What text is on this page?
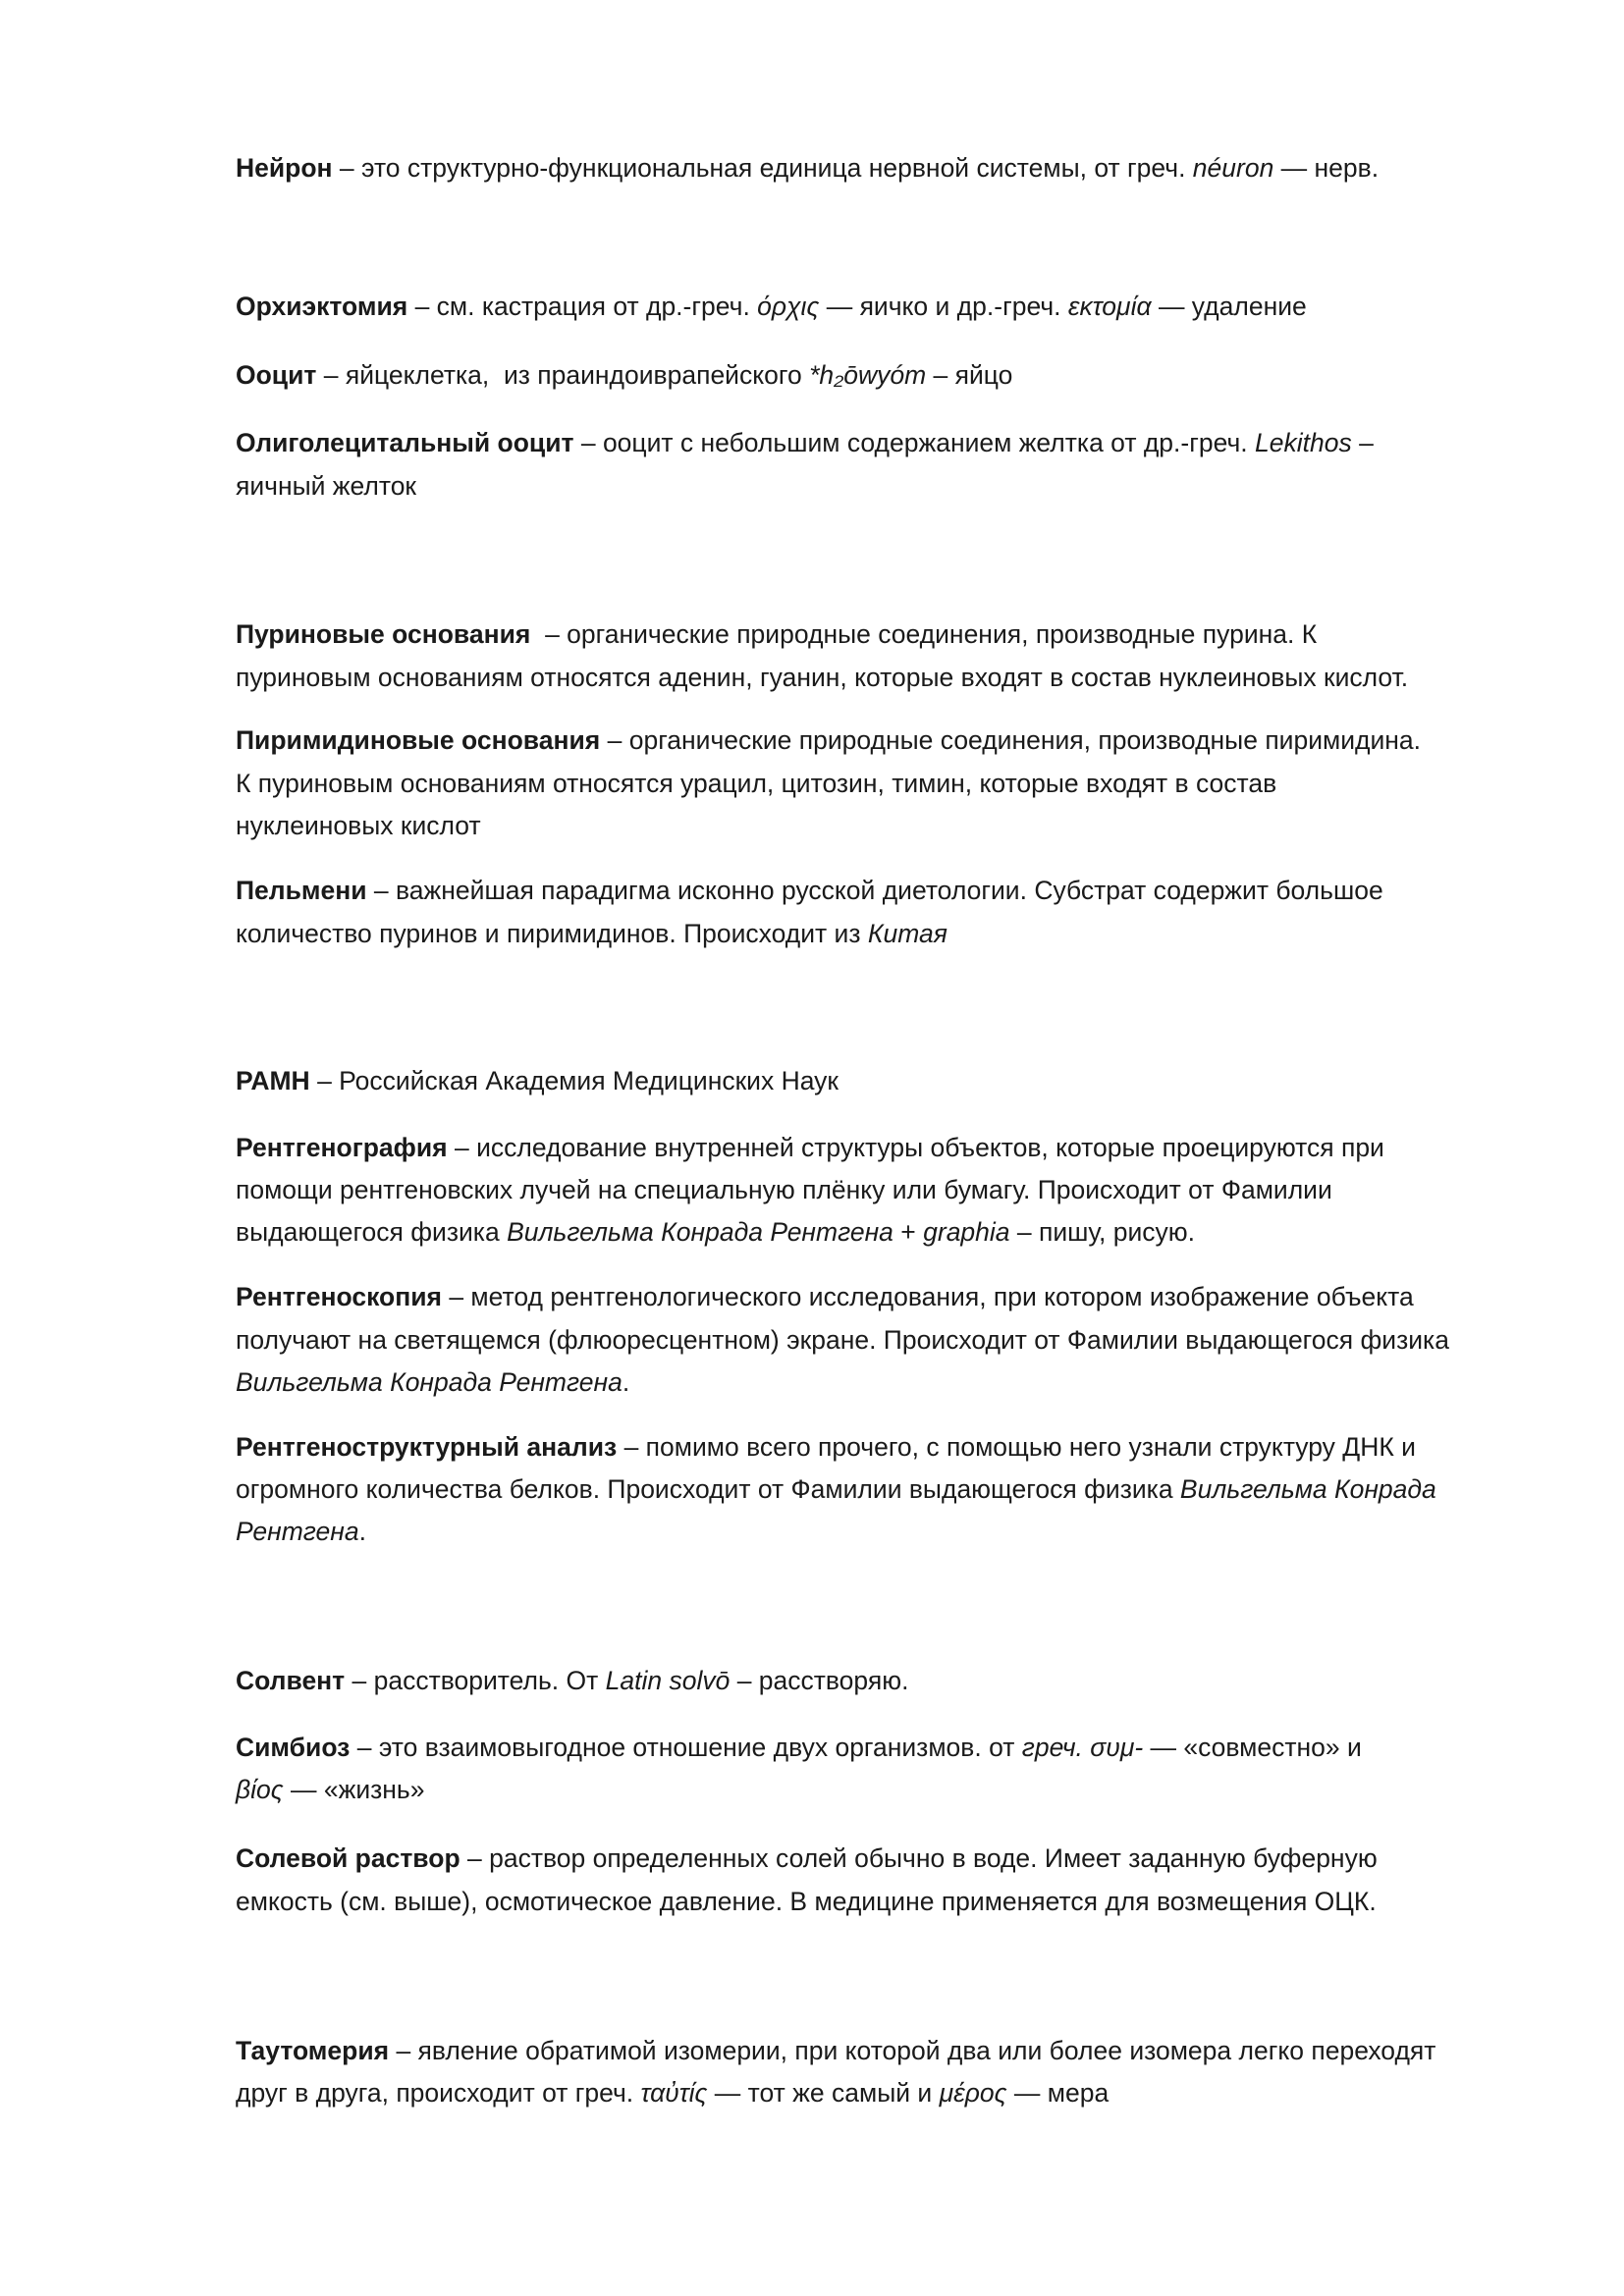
Нейрон – это структурно-функциональная единица нервной системы, от греч. néuron — нерв.
Орхиэктомия – см. кастрация от др.-греч. όρχις — яичко и др.-греч. εκτομία — удаление
Ооцит – яйцеклетка,  из праиндоиврапейского *h₂ōwyóm – яйцо
Олиголецитальный ооцит – ооцит с небольшим содержанием желтка от др.-греч. Lekithos –
яичный желток
Пуриновые основания  – органические природные соединения, производные пурина. К
пуриновым основаниям относятся аденин, гуанин, которые входят в состав нуклеиновых кислот.
Пиримидиновые основания – органические природные соединения, производные пиримидина.
К пуриновым основаниям относятся урацил, цитозин, тимин, которые входят в состав
нуклеиновых кислот
Пельмени – важнейшая парадигма исконно русской диетологии. Субстрат содержит большое
количество пуринов и пиримидинов. Происходит из Китая
РАМН – Российская Академия Медицинских Наук
Рентгенография – исследование внутренней структуры объектов, которые проецируются при
помощи рентгеновских лучей на специальную плёнку или бумагу. Происходит от Фамилии
выдающегося физика Вильгельма Конрада Рентгена + graphia – пишу, рисую.
Рентгеноскопия – метод рентгенологического исследования, при котором изображение объекта
получают на светящемся (флюоресцентном) экране. Происходит от Фамилии выдающегося физика
Вильгельма Конрада Рентгена.
Рентгеноструктурный анализ – помимо всего прочего, с помощью него узнали структуру ДНК и
огромного количества белков. Происходит от Фамилии выдающегося физика Вильгельма Конрада
Рентгена.
Солвент – расстворитель. От Latin solvō – расстворяю.
Симбиоз – это взаимовыгодное отношение двух организмов. от греч. συμ- — «совместно» и
βίος — «жизнь»
Солевой раствор – раствор определенных солей обычно в воде. Имеет заданную буферную
емкость (см. выше), осмотическое давление. В медицине применяется для возмещения ОЦК.
Таутомерия – явление обратимой изомерии, при которой два или более изомера легко переходят
друг в друга, происходит от греч. ταὐτίς — тот же самый и μέρος — мера
